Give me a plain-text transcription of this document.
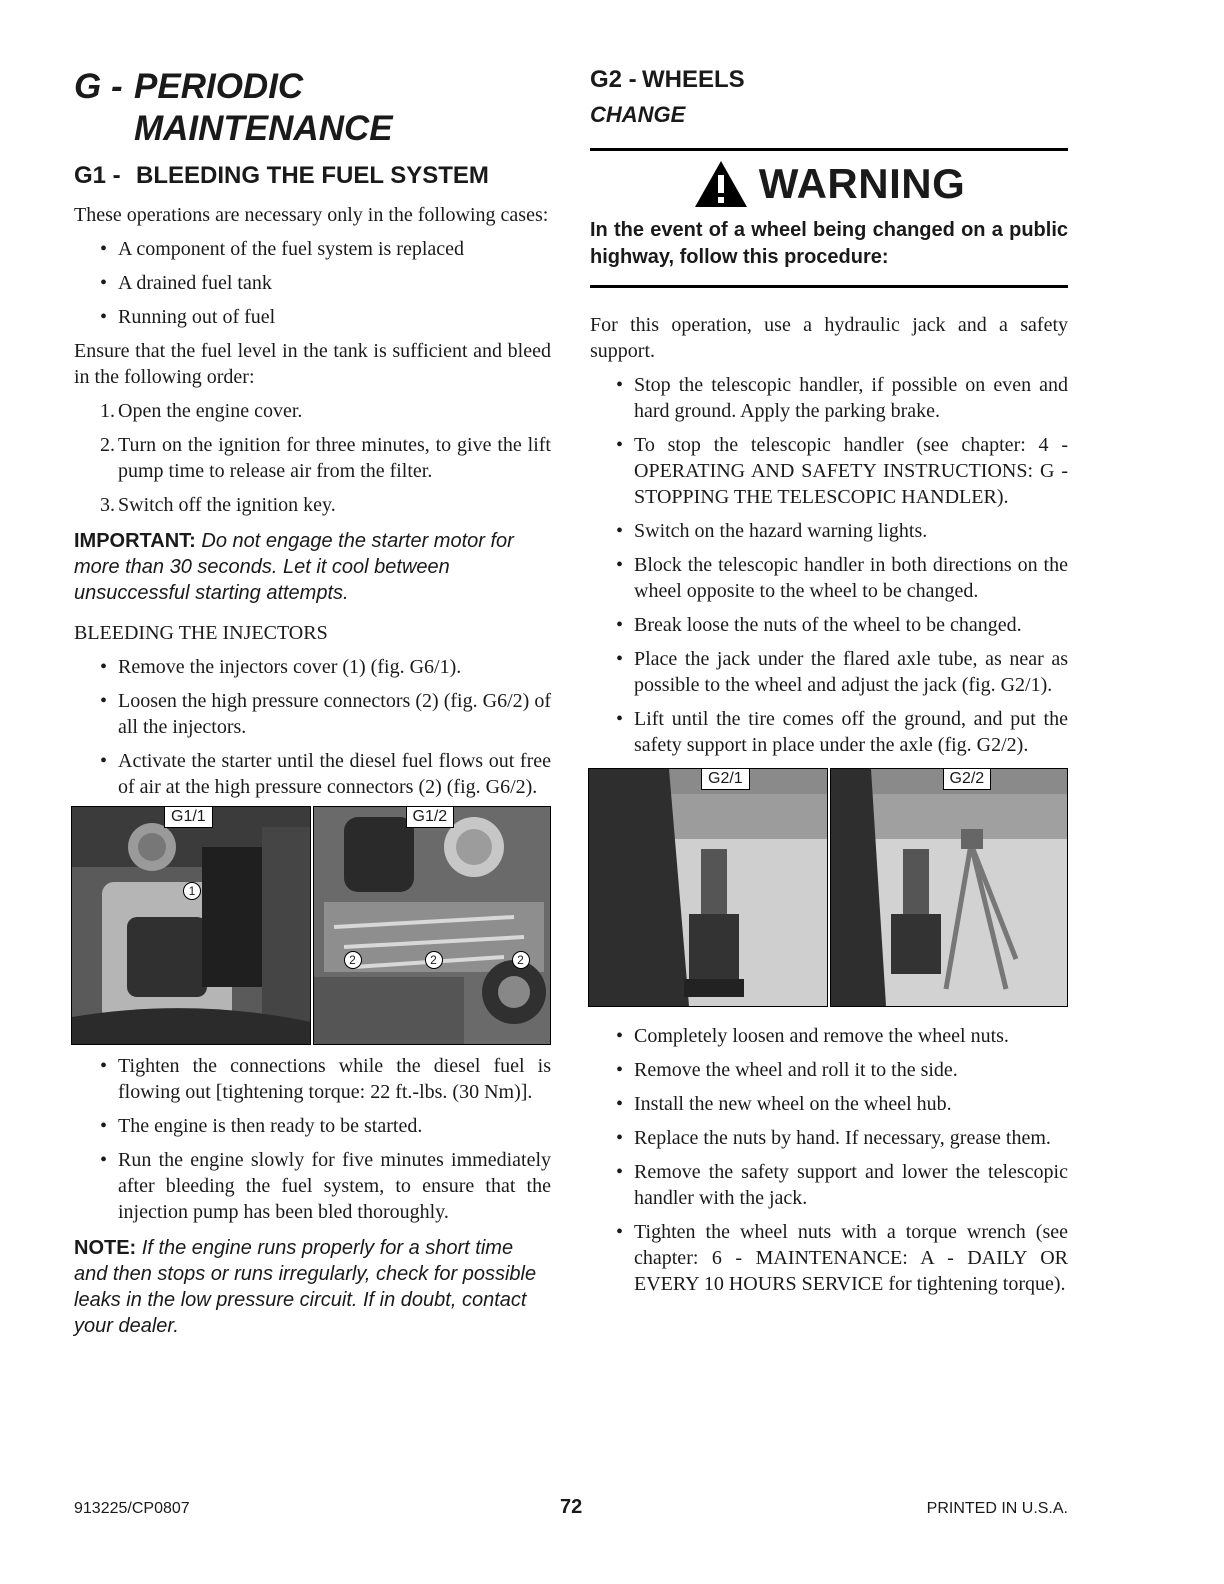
G - PERIODIC
MAINTENANCE
G1 - BLEEDING THE FUEL SYSTEM

These operations are necessary only in the following cases:

• A component of the fuel system is replaced
• A drained fuel tank
• Running out of fuel

Ensure that the fuel level in the tank is sufficient and bleed in the following order:

1. Open the engine cover.
2. Turn on the ignition for three minutes, to give the lift pump time to release air from the filter.
3. Switch off the ignition key.
IMPORTANT: Do not engage the starter motor for more than 30 seconds. Let it cool between unsuccessful starting attempts.

BLEEDING THE INJECTORS

• Remove the injectors cover (1) (fig. G6/1).
• Loosen the high pressure connectors (2) (fig. G6/2) of all the injectors.
• Activate the starter until the diesel fuel flows out free of air at the high pressure connectors (2) (fig. G6/2).
G1/1
1
G1/2
2	2	2
• Tighten the connections while the diesel fuel is flowing out [tightening torque: 22 ft.-lbs. (30 Nm)].
• The engine is then ready to be started.
• Run the engine slowly for five minutes immediately after bleeding the fuel system, to ensure that the injection pump has been bled thoroughly.
NOTE: If the engine runs properly for a short time and then stops or runs irregularly, check for possible leaks in the low pressure circuit. If in doubt, contact your dealer.
G2 - WHEELS
CHANGE
WARNING
In the event of a wheel being changed on a public highway, follow this procedure:

For this operation, use a hydraulic jack and a safety support.

• Stop the telescopic handler, if possible on even and hard ground. Apply the parking brake.
• To stop the telescopic handler (see chapter: 4 - OPERATING AND SAFETY INSTRUCTIONS: G - STOPPING THE TELESCOPIC HANDLER).
• Switch on the hazard warning lights.
• Block the telescopic handler in both directions on the wheel opposite to the wheel to be changed.
• Break loose the nuts of the wheel to be changed.
• Place the jack under the flared axle tube, as near as possible to the wheel and adjust the jack (fig. G2/1).
• Lift until the tire comes off the ground, and put the safety support in place under the axle (fig. G2/2).
G2/1	G2/2
• Completely loosen and remove the wheel nuts.
• Remove the wheel and roll it to the side.
• Install the new wheel on the wheel hub.
• Replace the nuts by hand. If necessary, grease them.
• Remove the safety support and lower the telescopic handler with the jack.
• Tighten the wheel nuts with a torque wrench (see chapter: 6 - MAINTENANCE: A - DAILY OR EVERY 10 HOURS SERVICE for tightening torque).
913225/CP0807	72	PRINTED IN U.S.A.
